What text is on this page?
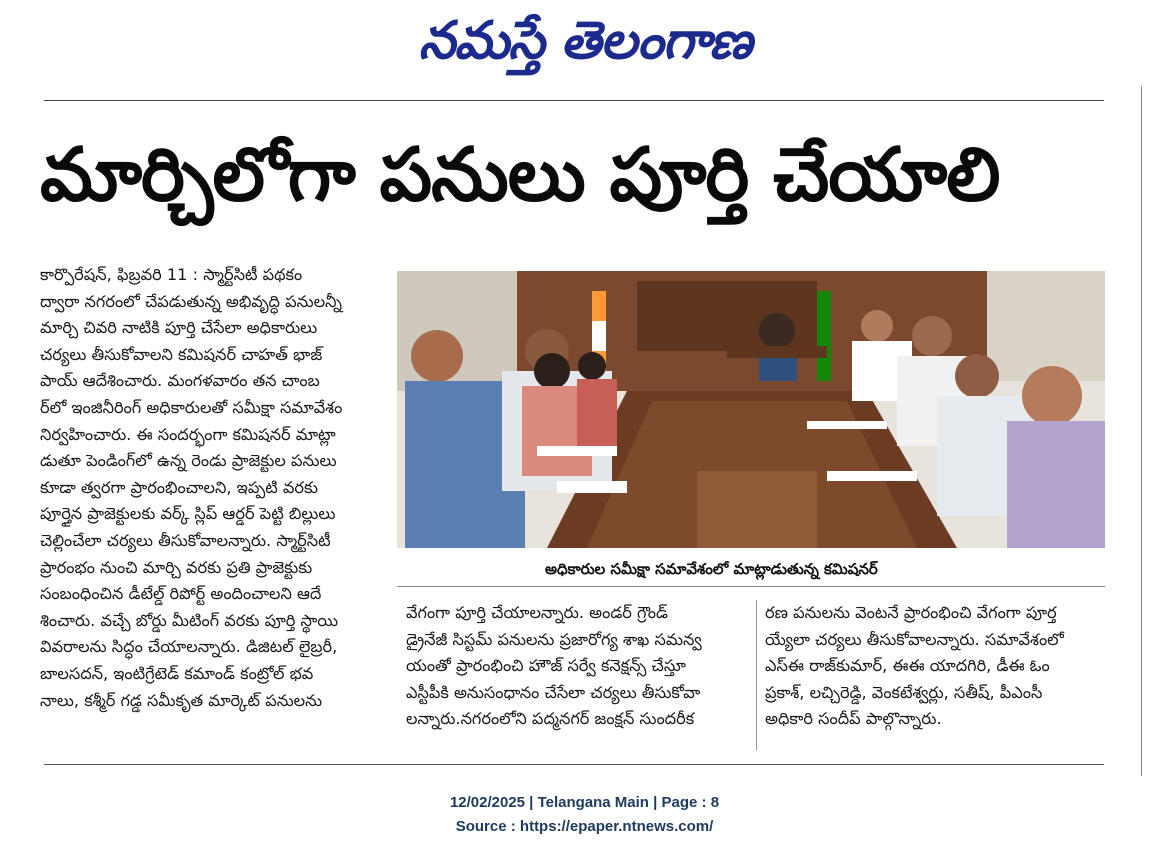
నమస్తే తెలంగాణ
మార్చిలోగా పనులు పూర్తి చేయాలి

కార్పొరేషన్, ఫిబ్రవరి 11 : స్మార్ట్‌సిటీ పథకం

ద్వారా నగరంలో చేపడుతున్న అభివృద్ధి పనులన్నీ

మార్చి చివరి నాటికి పూర్తి చేసేలా అధికారులు

చర్యలు తీసుకోవాలని కమిషనర్ చాహత్ భాజ్

పాయ్ ఆదేశించారు. మంగళవారం తన చాంబ

ర్‌లో ఇంజినీరింగ్ అధికారులతో సమీక్షా సమావేశం

నిర్వహించారు. ఈ సందర్భంగా కమిషనర్ మాట్లా

డుతూ పెండింగ్‌లో ఉన్న రెండు ప్రాజెక్టుల పనులు

కూడా త్వరగా ప్రారంభించాలని, ఇప్పటి వరకు

పూర్తైన ప్రాజెక్టులకు వర్క్ స్లిప్ ఆర్డర్ పెట్టి బిల్లులు

చెల్లించేలా చర్యలు తీసుకోవాలన్నారు. స్మార్ట్‌సిటీ

ప్రారంభం నుంచి మార్చి వరకు ప్రతి ప్రాజెక్టుకు

సంబంధించిన డీటేల్డ్ రిపోర్ట్ అందించాలని ఆదే

శించారు. వచ్చే బోర్డు మీటింగ్ వరకు పూర్తి స్థాయి

వివరాలను సిద్ధం చేయాలన్నారు. డిజిటల్ లైబ్రరీ,

బాలసదన్, ఇంటిగ్రేటెడ్ కమాండ్ కంట్రోల్ భవ

నాలు, కశ్మీర్ గడ్డ సమీకృత మార్కెట్ పనులను

అధికారుల సమీక్షా సమావేశంలో మాట్లాడుతున్న కమిషనర్

వేగంగా పూర్తి చేయాలన్నారు. అండర్ గ్రౌండ్

డ్రైనేజీ సిస్టమ్ పనులను ప్రజారోగ్య శాఖ సమన్వ

యంతో ప్రారంభించి హౌజ్ సర్వే కనెక్షన్స్ చేస్తూ

ఎస్టీపీకి అనుసంధానం చేసేలా చర్యలు తీసుకోవా

లన్నారు.నగరంలోని పద్మనగర్ జంక్షన్ సుందరీక

రణ పనులను వెంటనే ప్రారంభించి వేగంగా పూర్త

య్యేలా చర్యలు తీసుకోవాలన్నారు. సమావేశంలో

ఎస్ఈ రాజ్‌కుమార్, ఈఈ యాదగిరి, డీఈ ఓం

ప్రకాశ్, లచ్చిరెడ్డి, వెంకటేశ్వర్లు, సతీష్, పీఎంసీ

అధికారి సందీప్ పాల్గొన్నారు.

12/02/2025 | Telangana Main | Page : 8
Source : https://epaper.ntnews.com/
